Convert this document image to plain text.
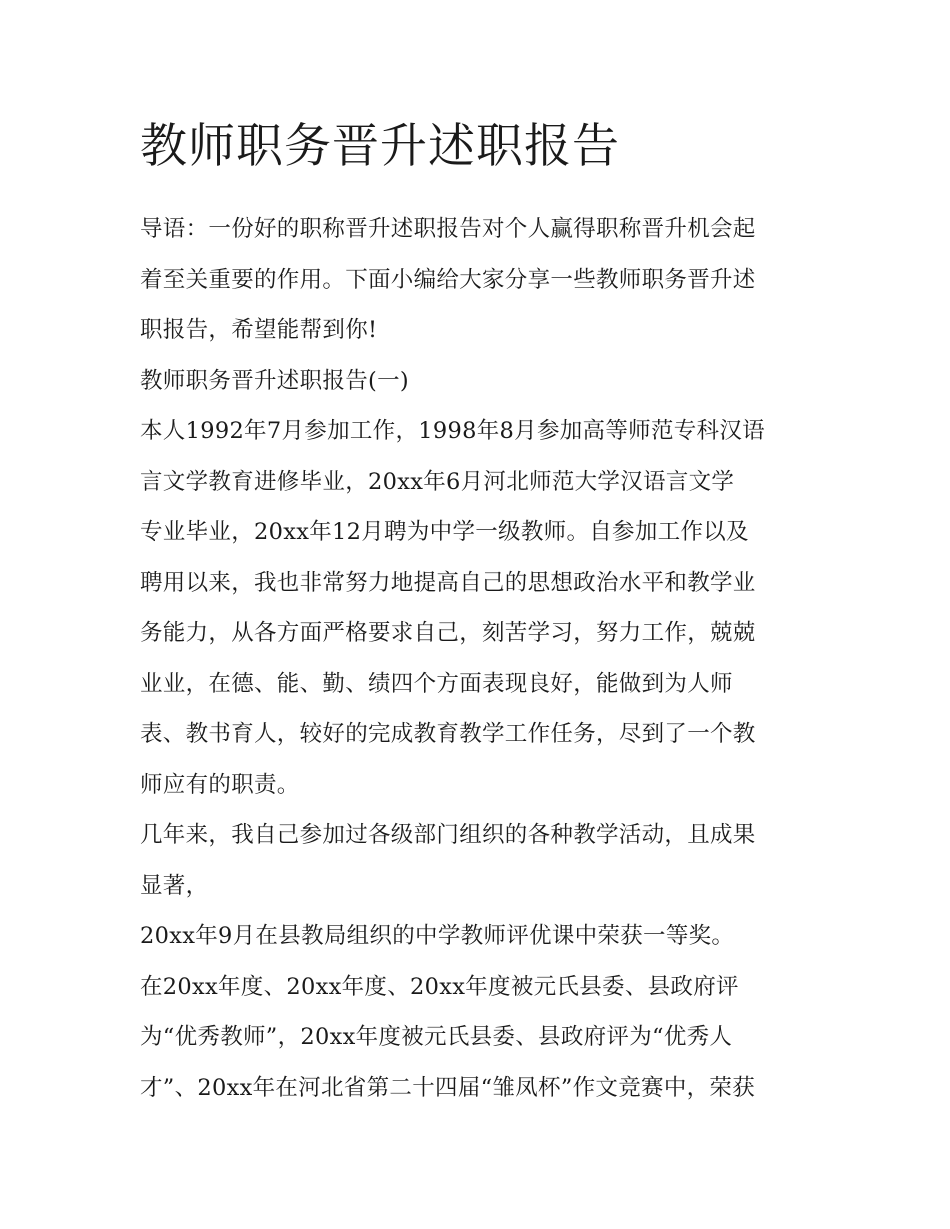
教师职务晋升述职报告
导语：一份好的职称晋升述职报告对个人赢得职称晋升机会起
着至关重要的作用。下面小编给大家分享一些教师职务晋升述
职报告，希望能帮到你!
教师职务晋升述职报告(一)
本人1992年7月参加工作，1998年8月参加高等师范专科汉语
言文学教育进修毕业，20xx年6月河北师范大学汉语言文学
专业毕业，20xx年12月聘为中学一级教师。自参加工作以及
聘用以来，我也非常努力地提高自己的思想政治水平和教学业
务能力，从各方面严格要求自己，刻苦学习，努力工作，兢兢
业业，在德、能、勤、绩四个方面表现良好，能做到为人师
表、教书育人，较好的完成教育教学工作任务，尽到了一个教
师应有的职责。
几年来，我自己参加过各级部门组织的各种教学活动，且成果
显著，
20xx年9月在县教局组织的中学教师评优课中荣获一等奖。
在20xx年度、20xx年度、20xx年度被元氏县委、县政府评
为“优秀教师”，20xx年度被元氏县委、县政府评为“优秀人
才”、20xx年在河北省第二十四届“雏凤杯”作文竞赛中，荣获
